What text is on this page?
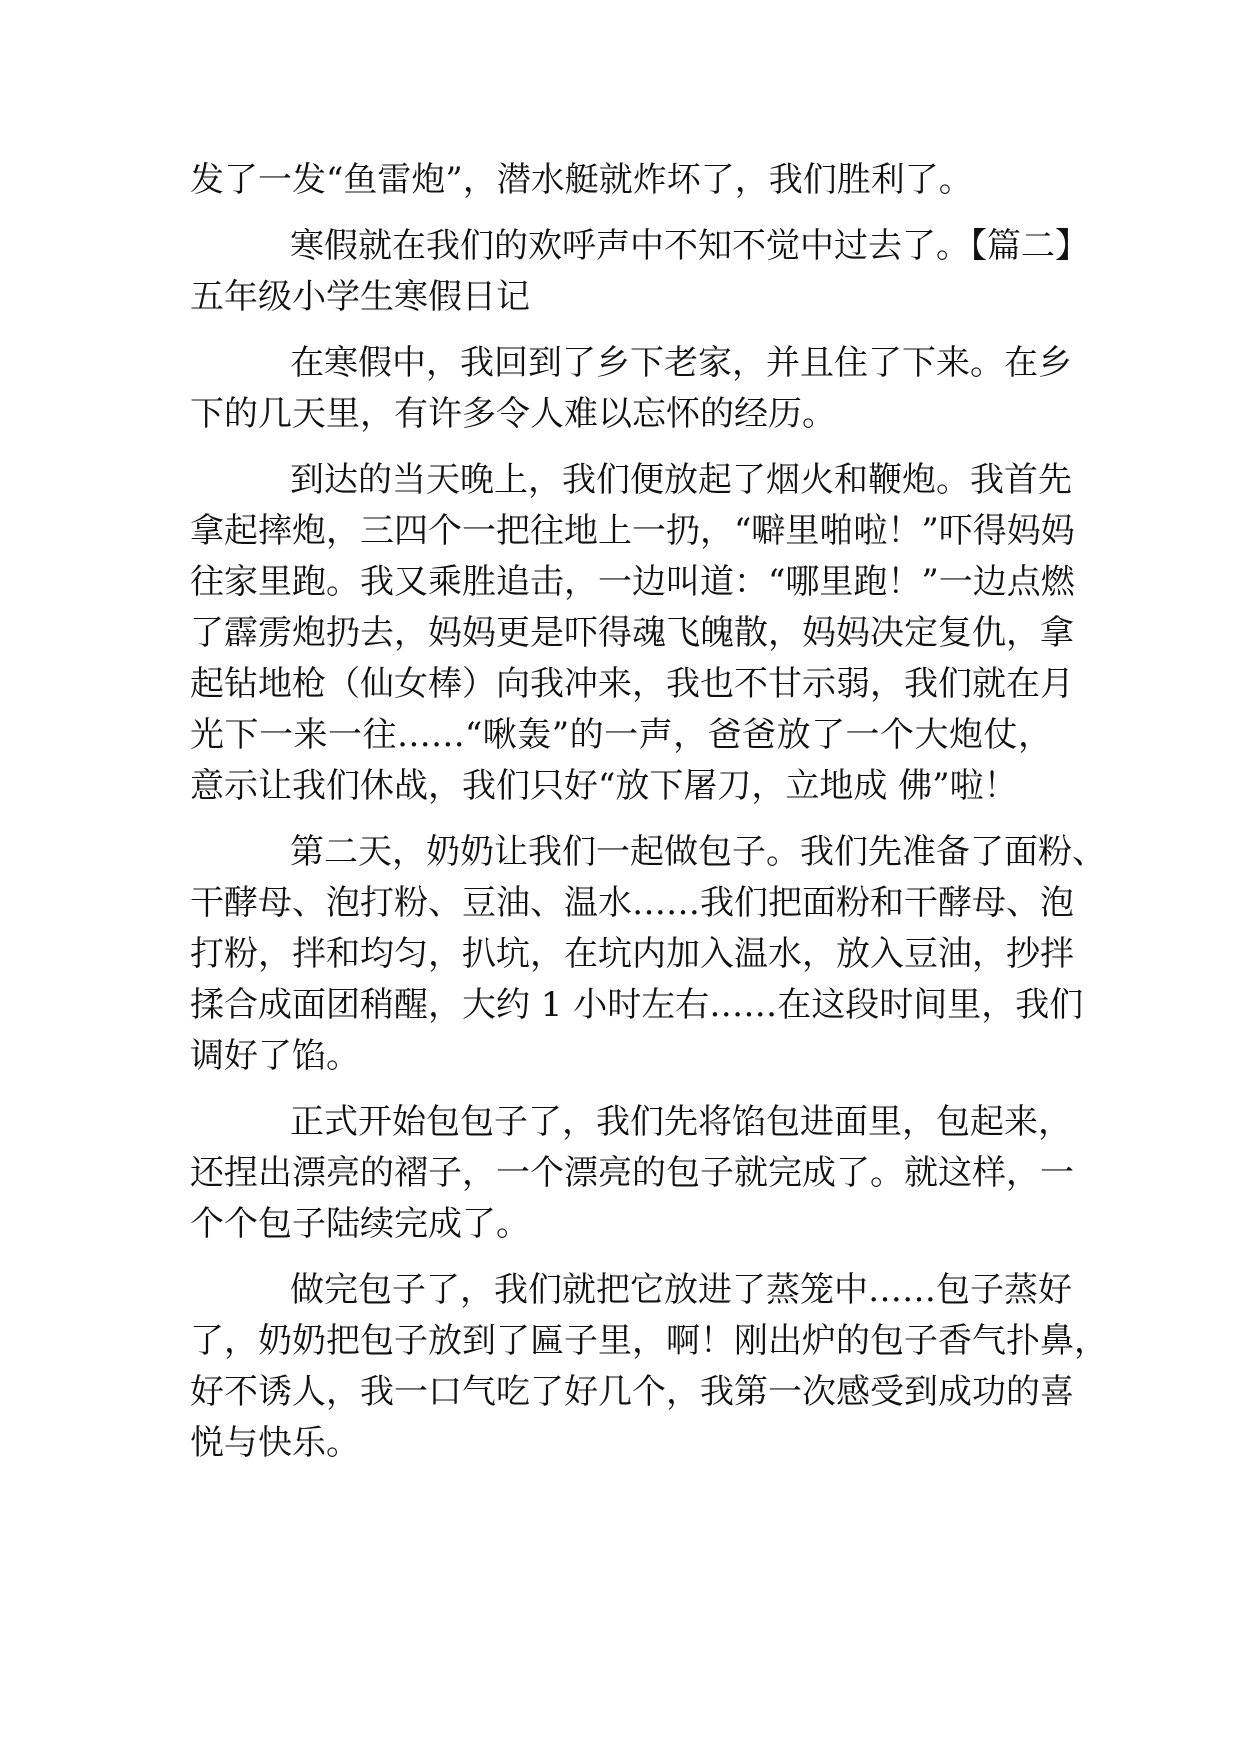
发了一发“鱼雷炮”，潜水艇就炸坏了，我们胜利了。
寒假就在我们的欢呼声中不知不觉中过去了。【篇二】
五年级小学生寒假日记
在寒假中，我回到了乡下老家，并且住了下来。在乡
下的几天里，有许多令人难以忘怀的经历。
到达的当天晚上，我们便放起了烟火和鞭炮。我首先
拿起摔炮，三四个一把往地上一扔，“噼里啪啦！”吓得妈妈
往家里跑。我又乘胜追击，一边叫道：“哪里跑！”一边点燃
了霹雳炮扔去，妈妈更是吓得魂飞魄散，妈妈决定复仇，拿
起钻地枪（仙女棒）向我冲来，我也不甘示弱，我们就在月
光下一来一往……“啾轰”的一声，爸爸放了一个大炮仗，
意示让我们休战，我们只好“放下屠刀，立地成 佛”啦！
第二天，奶奶让我们一起做包子。我们先准备了面粉、
干酵母、泡打粉、豆油、温水……我们把面粉和干酵母、泡
打粉，拌和均匀，扒坑，在坑内加入温水，放入豆油，抄拌
揉合成面团稍醒，大约 1 小时左右……在这段时间里，我们
调好了馅。
正式开始包包子了，我们先将馅包进面里，包起来，
还捏出漂亮的褶子，一个漂亮的包子就完成了。就这样，一
个个包子陆续完成了。
做完包子了，我们就把它放进了蒸笼中……包子蒸好
了，奶奶把包子放到了匾子里，啊！刚出炉的包子香气扑鼻，
好不诱人，我一口气吃了好几个，我第一次感受到成功的喜
悦与快乐。
